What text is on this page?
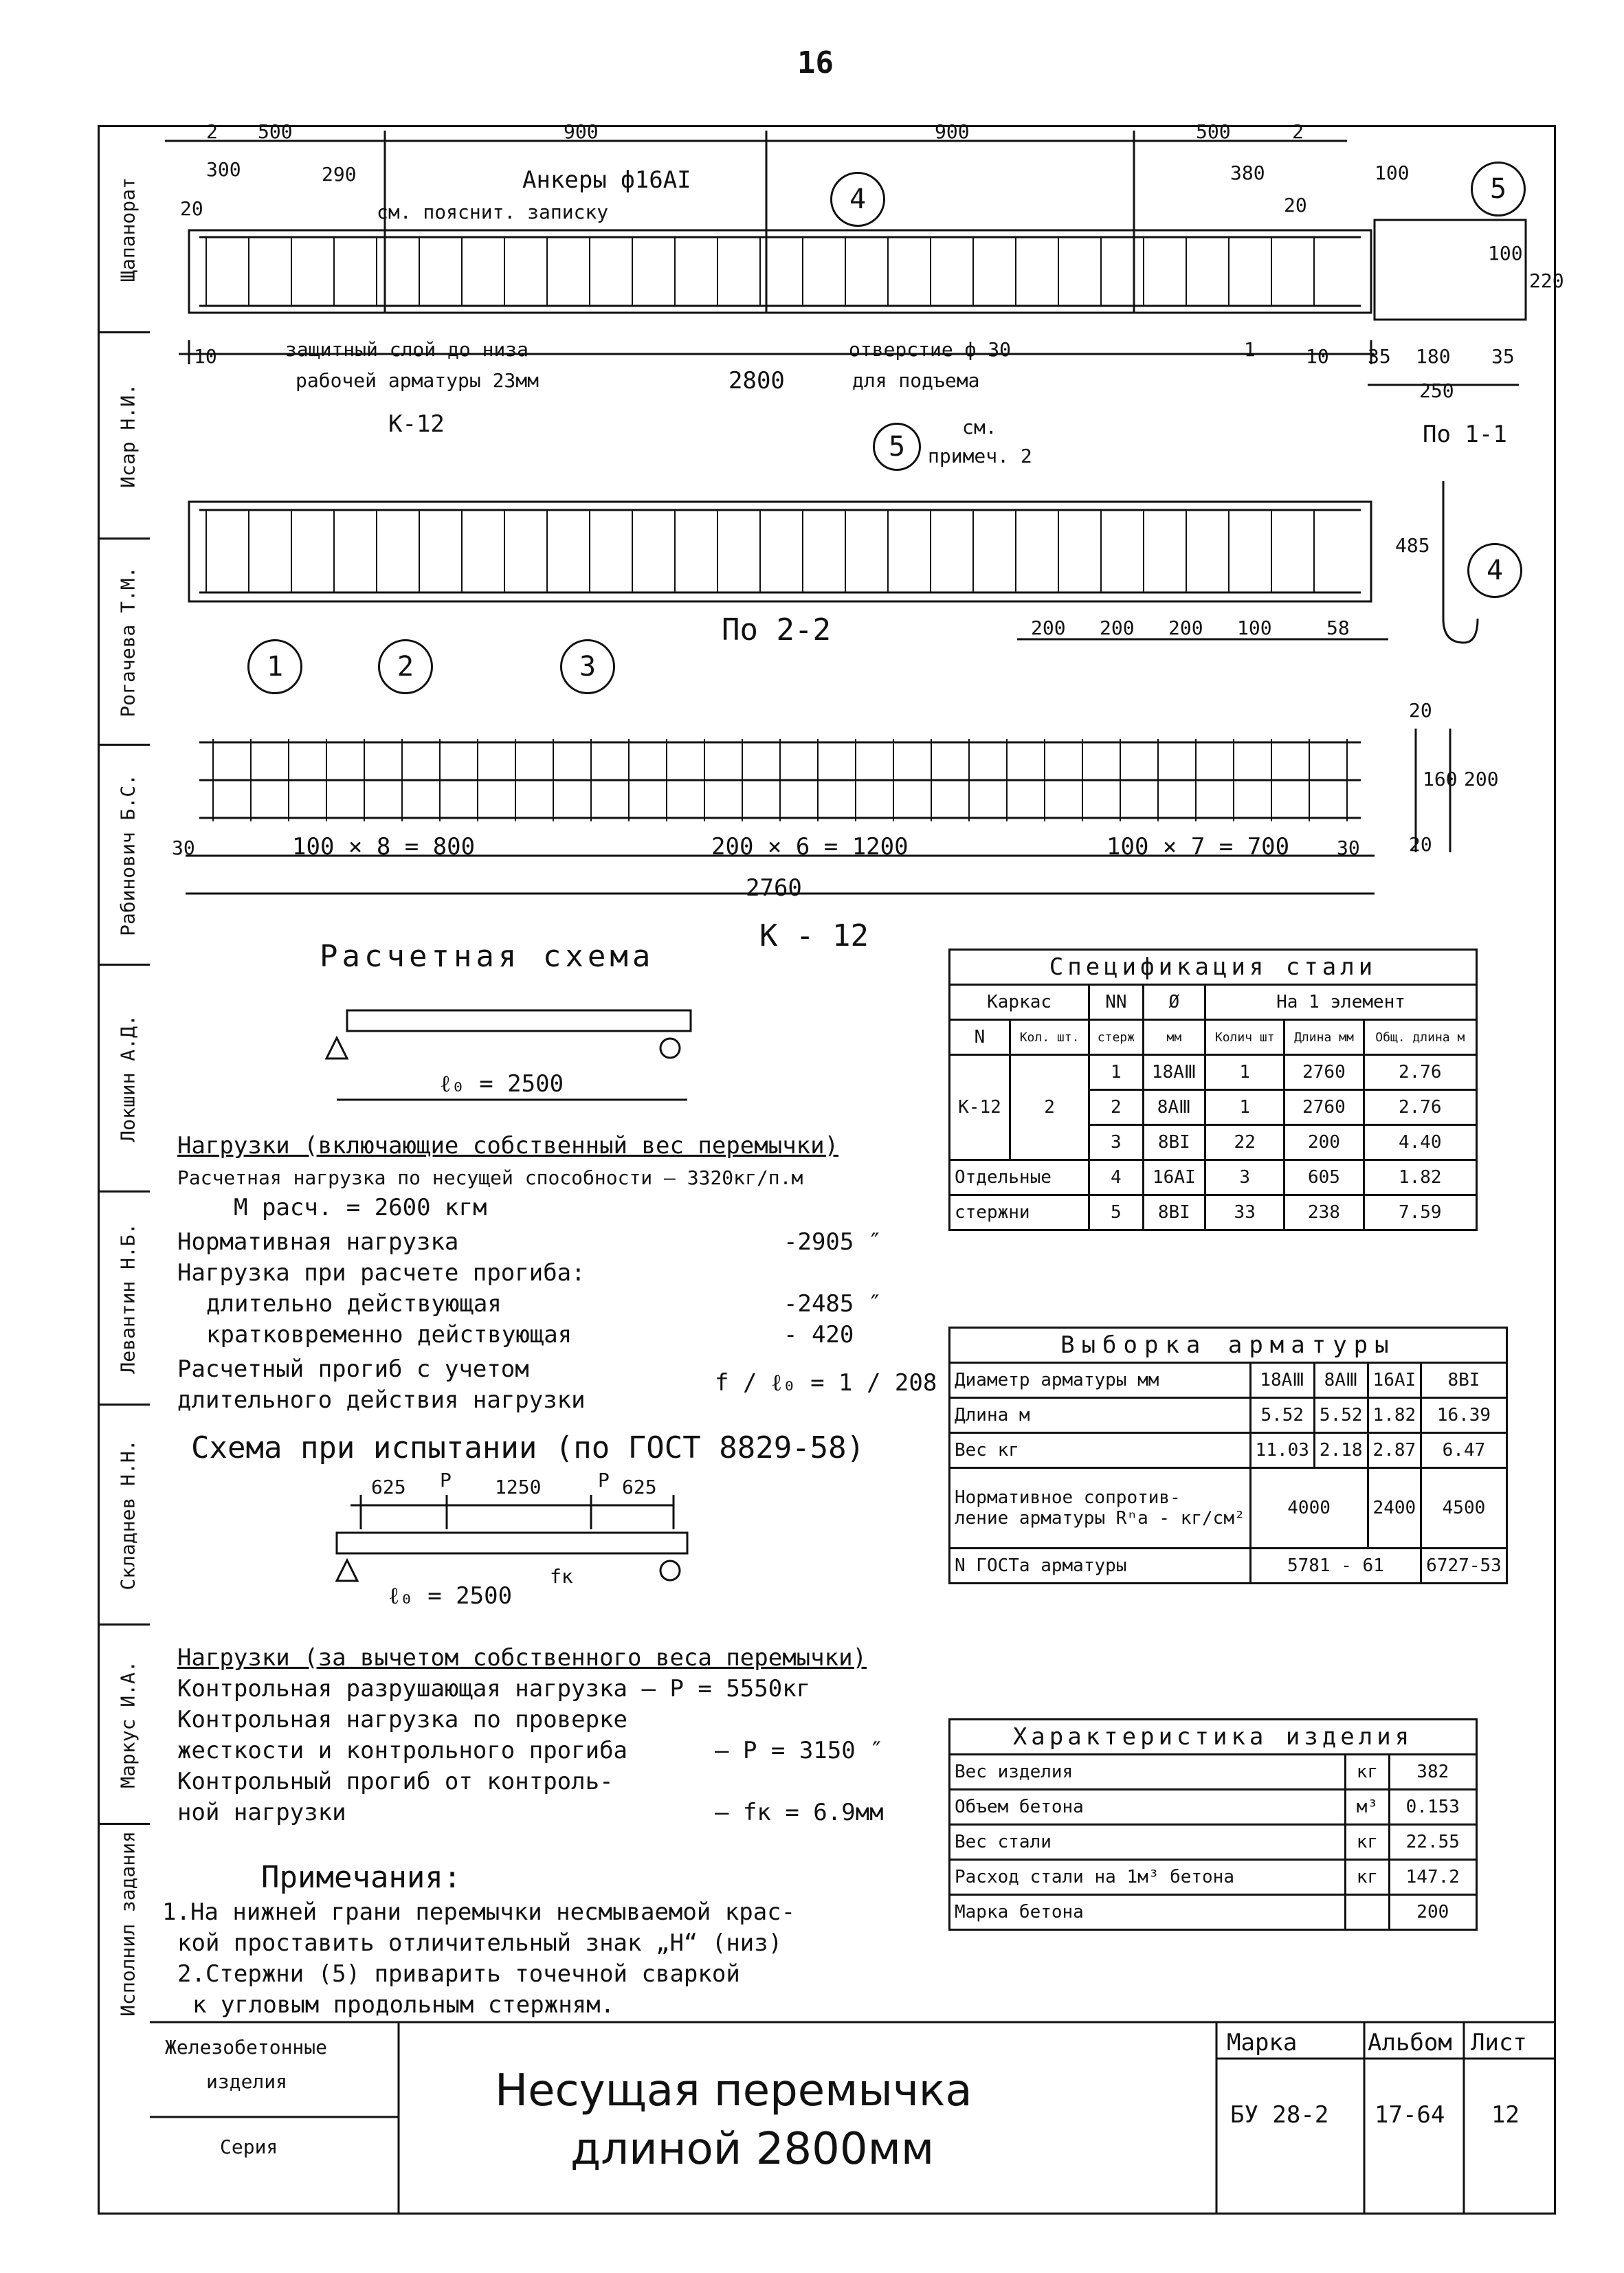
16
Щапанорат
Исар Н.И.
Рогачева Т.М.
Рабинович Б.С.
Локшин А.Д.
Левантин Н.Б.
Складнев Н.Н.
Маркус И.А.
Исполнил задания
2 500
300
20
290
900	900	500	2
380
20
100
Анкеры ф16AI
см. пояснит. записку	4
защитный слой до низа
рабочей арматуры 23мм	2800
отверстие ф 30
для подъема
10	1	10
5
100
220
35 180 35
250
По 1-1
К-12
5
см.
примеч. 2
По 2-2	200 200 200 100	58
485
4
1	2	3
30	100 × 8 = 800	200 × 6 = 1200	100 × 7 = 700 30
2760
К - 12
20
160
20
200
Расчетная схема
ℓ₀ = 2500
Нагрузки (включающие собственный вес перемычки)
Расчетная нагрузка по несущей способности — 3320кг/п.м
M расч. = 2600 кгм
Нормативная нагрузка	-2905 ″
Нагрузка при расчете прогиба:
длительно действующая	-2485 ″
кратковременно действующая	- 420
Расчетный прогиб с учетом
длительного действия нагрузки
f / ℓ₀ = 1 / 208
Схема при испытании (по ГОСТ 8829-58)
625 P 1250	P 625
ℓ₀ = 2500
fк
Нагрузки (за вычетом собственного веса перемычки)
Контрольная разрушающая нагрузка — P = 5550кг
Контрольная нагрузка по проверке
жесткости и контрольного прогиба	— P = 3150 ″
Контрольный прогиб от контроль-
ной нагрузки	— fк = 6.9мм
Примечания:
1.На нижней грани перемычки несмываемой крас-
кой проставить отличительный знак „Н“ (низ)
2.Стержни (5) приварить точечной сваркой
к угловым продольным стержням.
Спецификация стали						
Каркас		NN	Ø	На 1 элемент		
N	Кол. шт.	стерж	мм	Колич шт	Длина мм	Общ. длина м
К-12	2	1	18AⅢ	1	2760	2.76
		2	8AⅢ	1	2760	2.76
		3	8BI	22	200	4.40
Отдельные		4	16AI	3	605	1.82
стержни		5	8BI	33	238	7.59
Выборка арматуры				
Диаметр арматуры мм	18AⅢ	8AⅢ	16AI	8BI
Длина м	5.52	5.52	1.82	16.39
Вес кг	11.03	2.18	2.87	6.47

Нормативное сопротив-
ление арматуры Rⁿa - кг/см²	4000		2400	4500
N ГОСТа арматуры	5781 - 61			6727-53
Характеристика изделия		
Вес изделия	кг	382
Объем бетона	м³	0.153
Вес стали	кг	22.55
Расход стали на 1м³ бетона	кг	147.2
Марка бетона		200
Железобетонные
изделия
Серия
Несущая перемычка
длиной 2800мм
Марка	Альбом Лист
БУ 28-2 17-64 12
